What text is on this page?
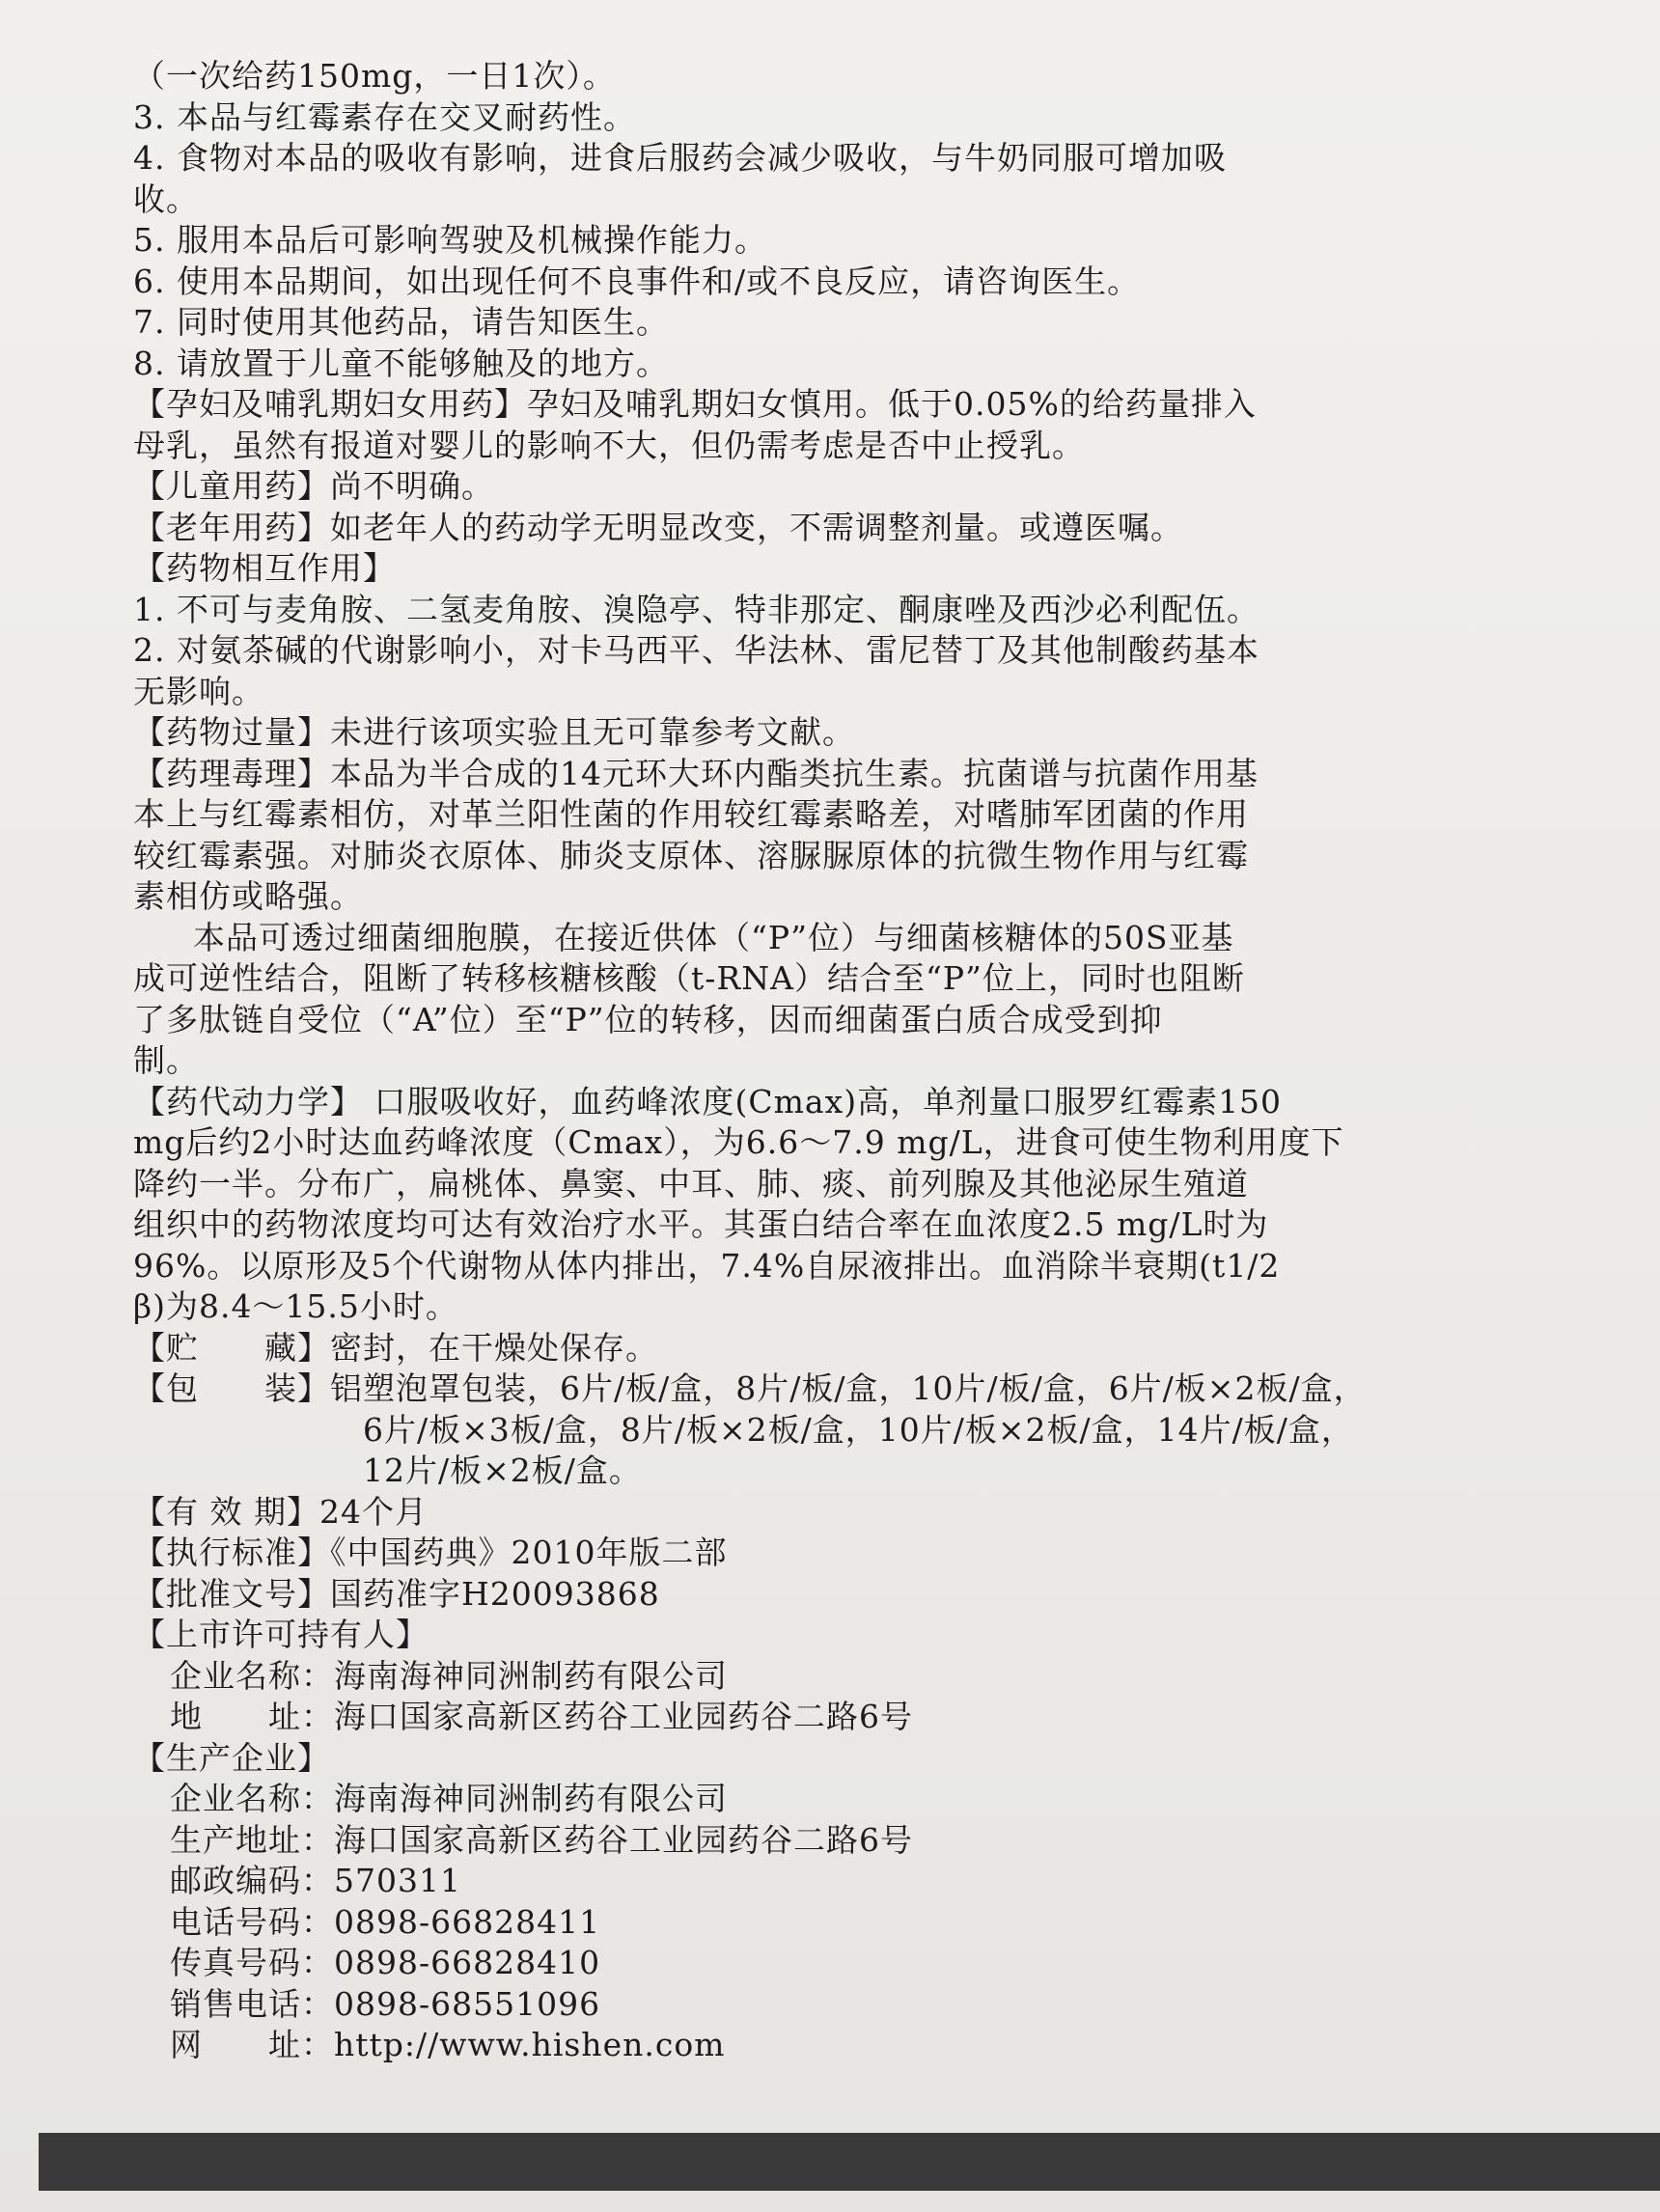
（一次给药150mg，一日1次）。
3. 本品与红霉素存在交叉耐药性。
4. 食物对本品的吸收有影响，进食后服药会减少吸收，与牛奶同服可增加吸
收。
5. 服用本品后可影响驾驶及机械操作能力。
6. 使用本品期间，如出现任何不良事件和/或不良反应，请咨询医生。
7. 同时使用其他药品，请告知医生。
8. 请放置于儿童不能够触及的地方。
【孕妇及哺乳期妇女用药】孕妇及哺乳期妇女慎用。低于0.05%的给药量排入
母乳，虽然有报道对婴儿的影响不大，但仍需考虑是否中止授乳。
【儿童用药】尚不明确。
【老年用药】如老年人的药动学无明显改变，不需调整剂量。或遵医嘱。
【药物相互作用】
1. 不可与麦角胺、二氢麦角胺、溴隐亭、特非那定、酮康唑及西沙必利配伍。
2. 对氨茶碱的代谢影响小，对卡马西平、华法林、雷尼替丁及其他制酸药基本
无影响。
【药物过量】未进行该项实验且无可靠参考文献。
【药理毒理】本品为半合成的14元环大环内酯类抗生素。抗菌谱与抗菌作用基
本上与红霉素相仿，对革兰阳性菌的作用较红霉素略差，对嗜肺军团菌的作用
较红霉素强。对肺炎衣原体、肺炎支原体、溶脲脲原体的抗微生物作用与红霉
素相仿或略强。
本品可透过细菌细胞膜，在接近供体（“P”位）与细菌核糖体的50S亚基
成可逆性结合，阻断了转移核糖核酸（t-RNA）结合至“P”位上，同时也阻断
了多肽链自受位（“A”位）至“P”位的转移，因而细菌蛋白质合成受到抑
制。
【药代动力学】 口服吸收好，血药峰浓度(Cmax)高，单剂量口服罗红霉素150
mg后约2小时达血药峰浓度（Cmax），为6.6～7.9 mg/L，进食可使生物利用度下
降约一半。分布广，扁桃体、鼻窦、中耳、肺、痰、前列腺及其他泌尿生殖道
组织中的药物浓度均可达有效治疗水平。其蛋白结合率在血浓度2.5 mg/L时为
96%。以原形及5个代谢物从体内排出，7.4%自尿液排出。血消除半衰期(t1/2
β)为8.4～15.5小时。
【贮　　藏】密封，在干燥处保存。
【包　　装】铝塑泡罩包装，6片/板/盒，8片/板/盒，10片/板/盒，6片/板×2板/盒，
6片/板×3板/盒，8片/板×2板/盒，10片/板×2板/盒，14片/板/盒，
12片/板×2板/盒。
【有 效 期】24个月
【执行标准】《中国药典》2010年版二部
【批准文号】国药准字H20093868
【上市许可持有人】
企业名称：海南海神同洲制药有限公司
地　　址：海口国家高新区药谷工业园药谷二路6号
【生产企业】
企业名称：海南海神同洲制药有限公司
生产地址：海口国家高新区药谷工业园药谷二路6号
邮政编码：570311
电话号码：0898-66828411
传真号码：0898-66828410
销售电话：0898-68551096
网　　址：http://www.hishen.com
